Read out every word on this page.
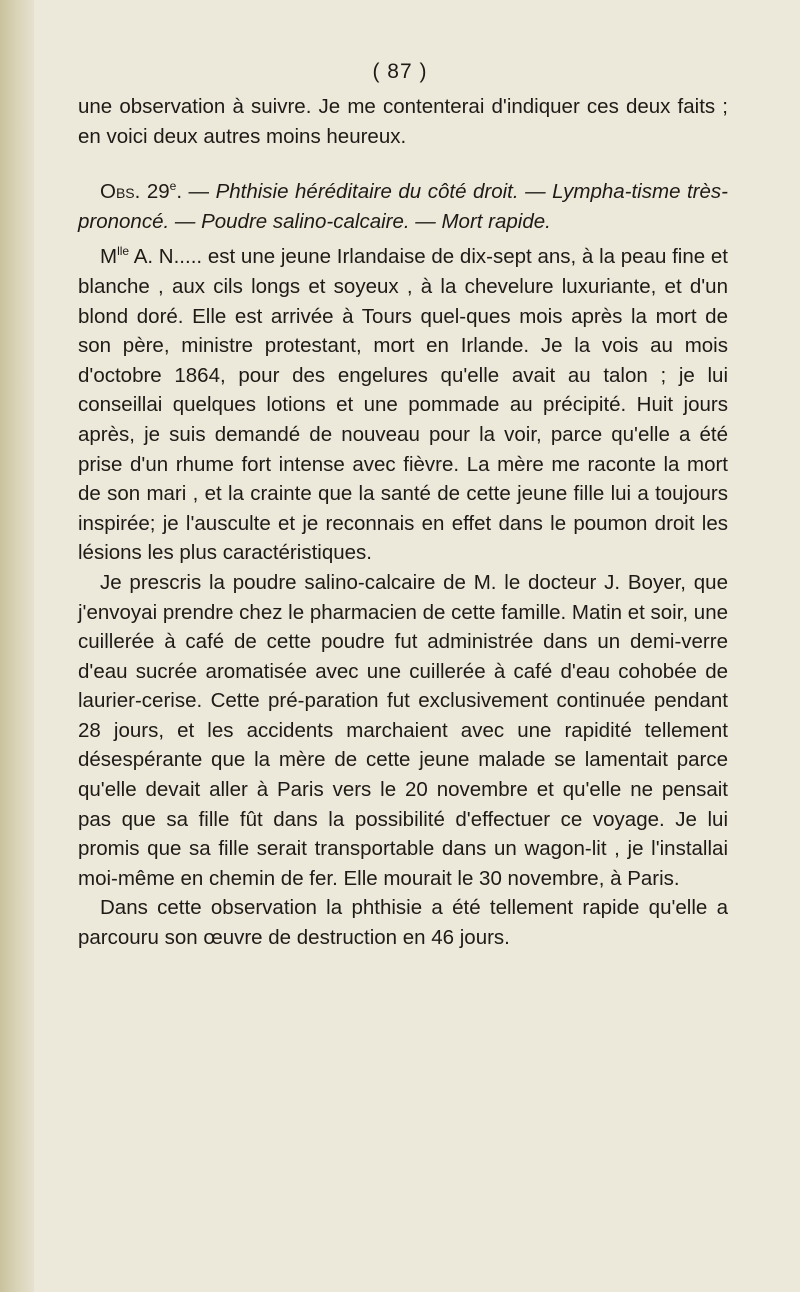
( 87 )

une observation à suivre. Je me contenterai d'indiquer ces deux faits ; en voici deux autres moins heureux.

Obs. 29e. — Phthisie héréditaire du côté droit. — Lympha-tisme très-prononcé. — Poudre salino-calcaire. — Mort rapide.

$M^{lle}$ A. N..... est une jeune Irlandaise de dix-sept ans, à la peau fine et blanche , aux cils longs et soyeux , à la chevelure luxuriante, et d'un blond doré. Elle est arrivée à Tours quel-ques mois après la mort de son père, ministre protestant, mort en Irlande. Je la vois au mois d'octobre 1864, pour des engelures qu'elle avait au talon ; je lui conseillai quelques lotions et une pommade au précipité. Huit jours après, je suis demandé de nouveau pour la voir, parce qu'elle a été prise d'un rhume fort intense avec fièvre. La mère me raconte la mort de son mari , et la crainte que la santé de cette jeune fille lui a toujours inspirée; je l'ausculte et je reconnais en effet dans le poumon droit les lésions les plus caractéristiques.

Je prescris la poudre salino-calcaire de M. le docteur J. Boyer, que j'envoyai prendre chez le pharmacien de cette famille. Matin et soir, une cuillerée à café de cette poudre fut administrée dans un demi-verre d'eau sucrée aromatisée avec une cuillerée à café d'eau cohobée de laurier-cerise. Cette pré-paration fut exclusivement continuée pendant 28 jours, et les accidents marchaient avec une rapidité tellement désespérante que la mère de cette jeune malade se lamentait parce qu'elle devait aller à Paris vers le 20 novembre et qu'elle ne pensait pas que sa fille fût dans la possibilité d'effectuer ce voyage. Je lui promis que sa fille serait transportable dans un wagon-lit , je l'installai moi-même en chemin de fer. Elle mourait le 30 novembre, à Paris.

Dans cette observation la phthisie a été tellement rapide qu'elle a parcouru son œuvre de destruction en 46 jours.
